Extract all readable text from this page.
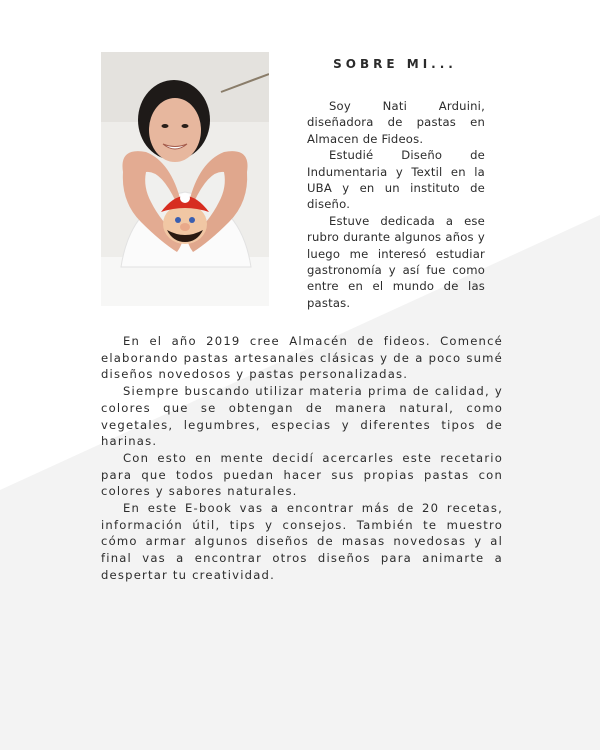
SOBRE MI...

Soy Nati Arduini, diseñadora de pastas en Almacen de Fideos.

Estudié Diseño de Indumentaria y Textil en la UBA y en un instituto de diseño.

Estuve dedicada a ese rubro durante algunos años y luego me interesó estudiar gastronomía y así fue como entre en el mundo de las pastas.

En el año 2019 cree Almacén de fideos. Comencé elaborando pastas artesanales clásicas y de a poco sumé diseños novedosos y pastas personalizadas.

Siempre buscando utilizar materia prima de calidad, y colores que se obtengan de manera natural, como vegetales, legumbres, especias y diferentes tipos de harinas.

Con esto en mente decidí acercarles este recetario para que todos puedan hacer sus propias pastas con colores y sabores naturales.

En este E-book vas a encontrar más de 20 recetas, información útil, tips y consejos. También te muestro cómo armar algunos diseños de masas novedosas y al final vas a encontrar otros diseños para animarte a despertar tu creatividad.
